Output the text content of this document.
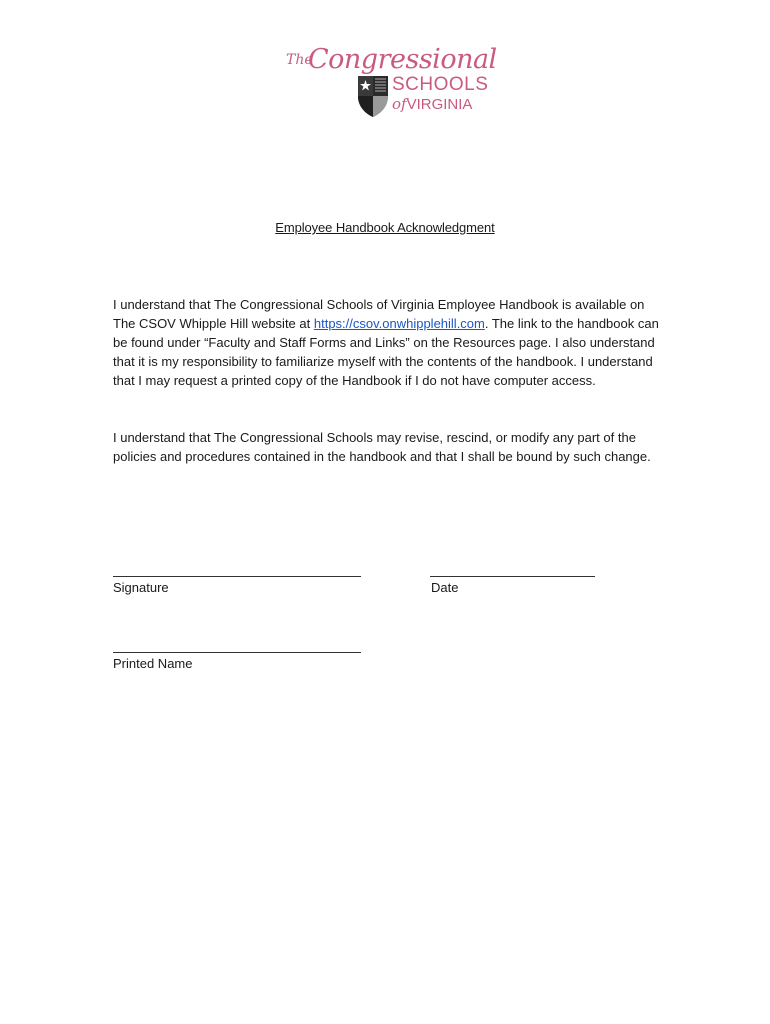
The
Congressional
SCHOOLS
ofVIRGINIA
Employee Handbook Acknowledgment

I understand that The Congressional Schools of Virginia Employee Handbook is available on The CSOV Whipple Hill website at https://csov.onwhipplehill.com. The link to the handbook can be found under “Faculty and Staff Forms and Links” on the Resources page. I also understand that it is my responsibility to familiarize myself with the contents of the handbook. I understand that I may request a printed copy of the Handbook if I do not have computer access.

I understand that The Congressional Schools may revise, rescind, or modify any part of the policies and procedures contained in the handbook and that I shall be bound by such change.

Signature	Date
Printed Name
